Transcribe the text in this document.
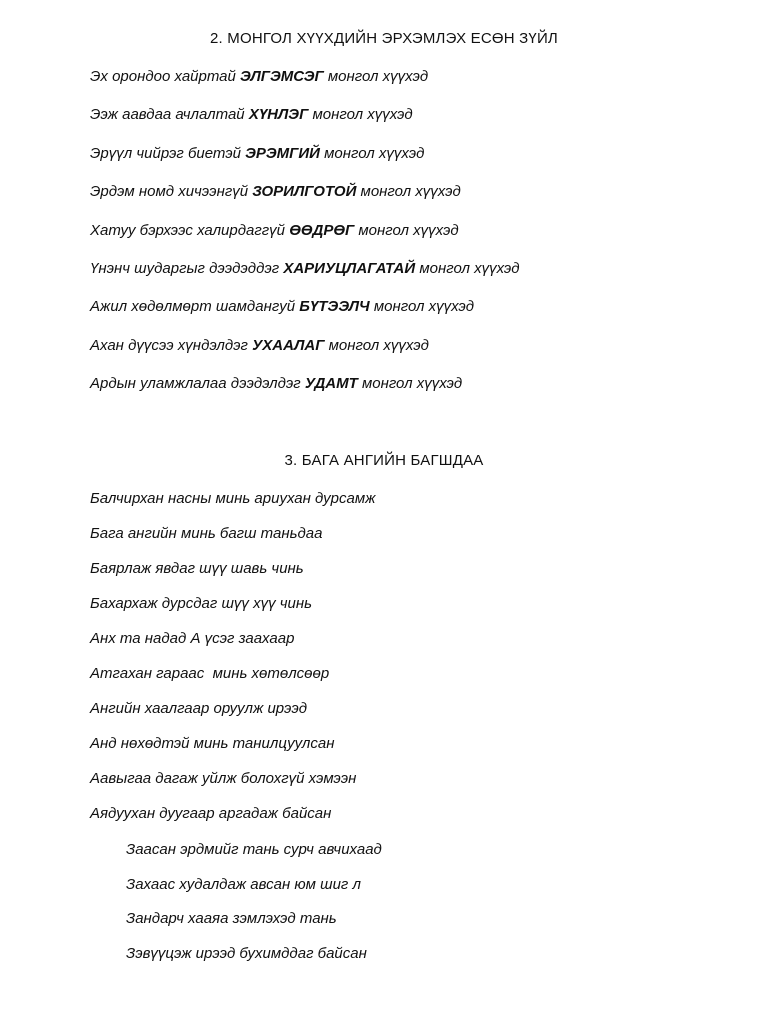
2. МОНГОЛ ХҮҮХДИЙН ЭРХЭМЛЭХ ЕСӨН ЗҮЙЛ
Эх орондоо хайртай ЭЛГЭМСЭГ монгол хүүхэд
Ээж аавдаа ачлалтай ХҮНЛЭГ монгол хүүхэд
Эрүүл чийрэг биетэй ЭРЭМГИЙ монгол хүүхэд
Эрдэм номд хичээнгүй ЗОРИЛГОТОЙ монгол хүүхэд
Хатуу бэрхээс халирдаггүй ӨӨДРӨГ монгол хүүхэд
Үнэнч шударгыг дээдэддэг ХАРИУЦЛАГАТАЙ монгол хүүхэд
Ажил хөдөлмөрт шамдангуй БҮТЭЭЛЧ монгол хүүхэд
Ахан дүүсээ хүндэлдэг УХААЛАГ монгол хүүхэд
Ардын уламжлалаа дээдэлдэг УДАМТ монгол хүүхэд
3. БАГА АНГИЙН БАГШДАА
Балчирхан насны минь ариухан дурсамж
Бага ангийн минь багш таньдаа
Баярлаж явдаг шүү шавь чинь
Бахархаж дурсдаг шүү хүү чинь
Анх та надад А үсэг заахаар
Атгахан гараас  минь хөтөлсөөр
Ангийн хаалгаар оруулж ирээд
Анд нөхөдтэй минь танилцуулсан
Аавыгаа дагаж уйлж болохгүй хэмээн
Аядуухан дуугаар аргадаж байсан
Заасан эрдмийг тань сурч авчихаад
Захаас худалдаж авсан юм шиг л
Зандарч хааяа зэмлэхэд тань
Зэвүүцэж ирээд бухимддаг байсан
